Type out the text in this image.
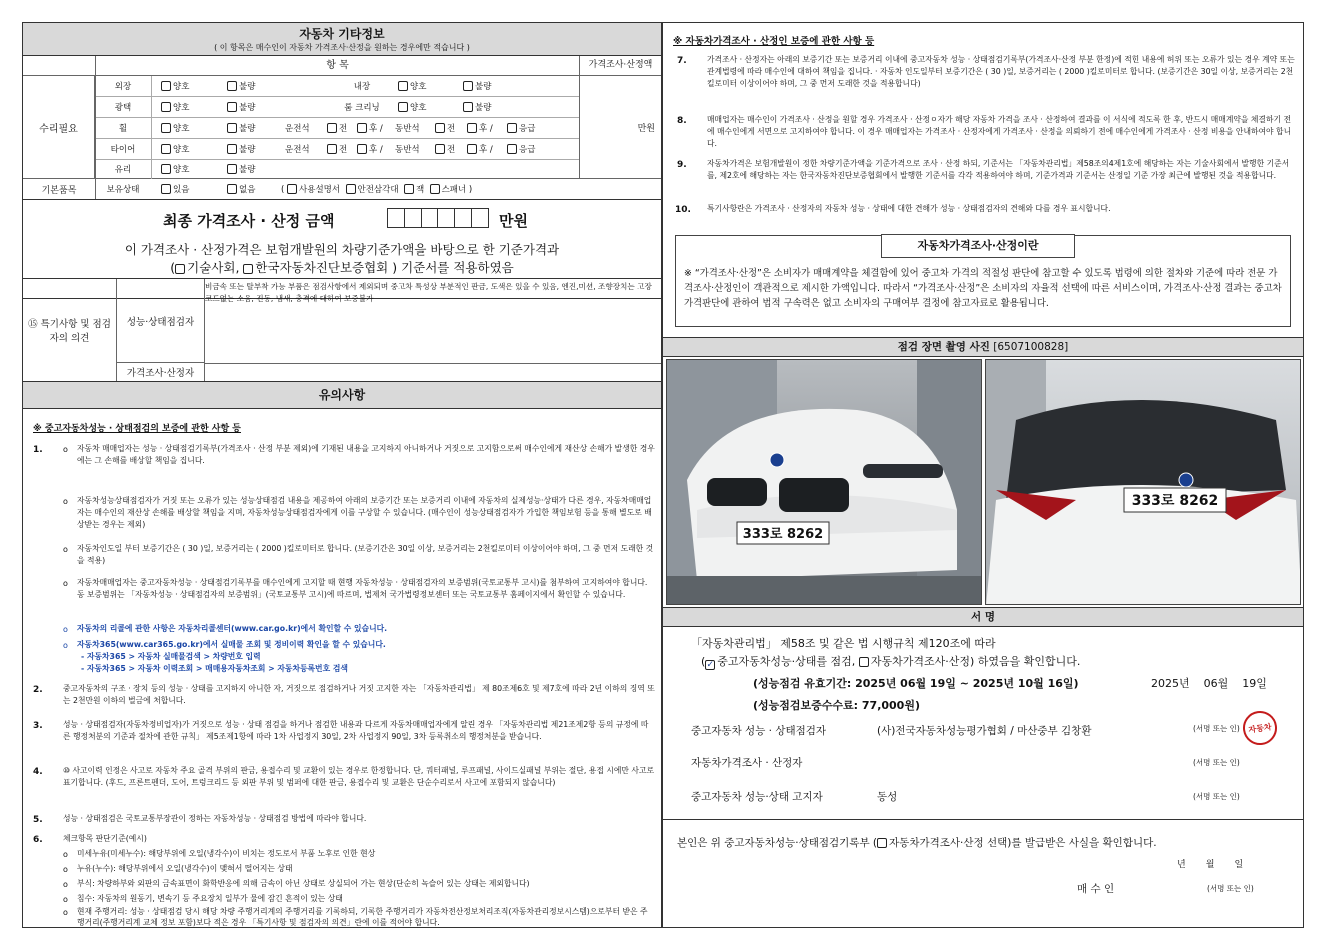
자동차 기타정보
( 이 항목은 매수인이 자동차 가격조사·산정을 원하는 경우에만 적습니다 )
항 목	가격조사·산정액
수리필요
외장	양호	불량	내장	양호	불량
광택	양호	불량	룸 크리닝	양호	불량
휠	양호	불량	운전석	전	후 / 동반석	전	후 /	응급
타이어	양호	불량	운전석	전	후 / 동반석	전	후 /	응급
유리	양호	불량
만원
기본품목	보유상태	있음	없음	( 사용설명서 안전삼각대 잭 스패너 )
최종 가격조사 · 산정 금액	만원
이 가격조사 · 산정가격은 보험개발원의 차량기준가액을 바탕으로 한 기준가격과
( 기술사회, 한국자동차진단보증협회 ) 기준서를 적용하였음
⑮ 특기사항 및 점검자의 의견
성능·상태점검자
비금속 또는 탈부착 가능 부품은 점검사항에서 제외되며 중고차 특성상 부분적인 판금, 도색은 있을 수 있음, 엔진,미션, 조향장치는 고장코드없는 소음, 진동, 냄새, 충격에 대하여 보증불가
가격조사·산정자
유의사항
※ 중고자동차성능 · 상태점검의 보증에 관한 사항 등
1.	o 자동차 매매업자는 성능 · 상태점검기록부(가격조사 · 산정 부분 제외)에 기재된 내용을 고지하지 아니하거나 거짓으로 고지함으로써 매수인에게 재산상 손해가 발생한 경우에는 그 손해를 배상할 책임을 집니다.
o 자동차성능상태점검자가 거짓 또는 오류가 있는 성능상태점검 내용을 제공하여 아래의 보증기간 또는 보증거리 이내에 자동차의 실제성능·상태가 다른 경우, 자동차매매업자는 매수인의 재산상 손해를 배상할 책임을 지며, 자동차성능상태점검자에게 이를 구상할 수 있습니다. (매수인이 성능상태점검자가 가입한 책임보험 등을 통해 별도로 배상받는 경우는 제외)
o 자동차인도일 부터 보증기간은 ( 30 )일, 보증거리는 ( 2000 )킬로미터로 합니다. (보증기간은 30일 이상, 보증거리는 2천킬로미터 이상이어야 하며, 그 중 먼저 도래한 것을 적용)
o 자동차매매업자는 중고자동차성능 · 상태점검기록부를 매수인에게 고지할 때 현행 자동차성능 · 상태점검자의 보증범위(국토교통부 고시)를 첨부하여 고지하여야 합니다. 동 보증범위는 「자동차성능 · 상태점검자의 보증범위」(국토교통부 고시)에 따르며, 법제처 국가법령정보센터 또는 국토교통부 홈페이지에서 확인할 수 있습니다.
o 자동차의 리콜에 관한 사항은 자동차리콜센터(www.car.go.kr)에서 확인할 수 있습니다.
o 자동차365(www.car365.go.kr)에서 실매물 조회 및 정비이력 확인을 할 수 있습니다.
- 자동차365 > 자동차 실매물검색 > 차량번호 입력
- 자동차365 > 자동차 이력조회 > 매매용자동차조회 > 자동차등록번호 검색
2.	중고자동차의 구조 · 장치 등의 성능 · 상태를 고지하지 아니한 자, 거짓으로 점검하거나 거짓 고지한 자는 「자동차관리법」 제 80조제6호 및 제7호에 따라 2년 이하의 징역 또는 2천만원 이하의 벌금에 처합니다.
3.	성능 · 상태점검자(자동차정비업자)가 거짓으로 성능 · 상태 점검을 하거나 점검한 내용과 다르게 자동차매매업자에게 알린 경우 「자동차관리법 제21조제2항 등의 규정에 따른 행정처분의 기준과 절차에 관한 규칙」 제5조제1항에 따라 1차 사업정지 30일, 2차 사업정지 90일, 3차 등록취소의 행정처분을 받습니다.
4.	⑩ 사고이력 인정은 사고로 자동차 주요 골격 부위의 판금, 용접수리 및 교환이 있는 경우로 한정합니다. 단, 쿼터패널, 루프패널, 사이드실패널 부위는 절단, 용접 시에만 사고로 표기합니다. (후드, 프론트펜더, 도어, 트렁크리드 등 외판 부위 및 범퍼에 대한 판금, 용접수리 및 교환은 단순수리로서 사고에 포함되지 않습니다)
5.	성능 · 상태점검은 국토교통부장관이 정하는 자동차성능 · 상태점검 방법에 따라야 합니다.
6.	체크항목 판단기준(예시)
o 미세누유(미세누수): 해당부위에 오일(냉각수)이 비치는 정도로서 부품 노후로 인한 현상
o 누유(누수): 해당부위에서 오일(냉각수)이 맺혀서 떨어지는 상태
o 부식: 차량하부와 외판의 금속표면이 화학반응에 의해 금속이 아닌 상태로 상실되어 가는 현상(단순히 녹슬어 있는 상태는 제외합니다)
o 침수: 자동차의 원동기, 변속기 등 주요장치 일부가 물에 잠긴 흔적이 있는 상태
o 현재 주행거리: 성능 · 상태점검 당시 해당 차량 주행거리계의 주행거리를 기록하되, 기록한 주행거리가 자동차전산정보처리조직(자동차관리정보시스템)으로부터 받은 주행거리(주행거리계 교체 정보 포함)보다 적은 경우 「특기사항 및 점검자의 의견」란에 이를 적어야 합니다.
※ 자동차가격조사 · 산정인 보증에 관한 사항 등
7.	가격조사 · 산정자는 아래의 보증기간 또는 보증거리 이내에 중고자동차 성능 · 상태점검기록부(가격조사·산정 부분 한정)에 적힌 내용에 허위 또는 오류가 있는 경우 계약 또는 관계법령에 따라 매수인에 대하여 책임을 집니다. · 자동차 인도일부터 보증기간은 ( 30 )일, 보증거리는 ( 2000 )킬로미터로 합니다. (보증기간은 30일 이상, 보증거리는 2천킬로미터 이상이어야 하며, 그 중 먼저 도래한 것을 적용합니다)
8.	매매업자는 매수인이 가격조사 · 산정을 원할 경우 가격조사 · 산정ㅇ자가 해당 자동차 가격을 조사 · 산정하여 결과를 이 서식에 적도록 한 후, 반드시 매매계약을 체결하기 전에 매수인에게 서면으로 고지하여야 합니다. 이 경우 매매업자는 가격조사 · 산정자에게 가격조사 · 산정을 의뢰하기 전에 매수인에게 가격조사 · 산정 비용을 안내하여야 합니다.
9.	자동차가격은 보험개발원이 정한 차량기준가액을 기준가격으로 조사 · 산정 하되, 기준서는 「자동차관리법」제58조의4제1호에 해당하는 자는 기술사회에서 발행한 기준서를, 제2호에 해당하는 자는 한국자동차진단보증협회에서 발행한 기준서를 각각 적용하여야 하며, 기준가격과 기준서는 산정일 기준 가장 최근에 발행된 것을 적용합니다.
10. 특기사항란은 가격조사 · 산정자의 자동차 성능 · 상태에 대한 견해가 성능 · 상태점검자의 견해와 다를 경우 표시합니다.
자동차가격조사·산정이란
※ “가격조사·산정”은 소비자가 매매계약을 체결함에 있어 중고차 가격의 적절성 판단에 참고할 수 있도록 법령에 의한 절차와 기준에 따라 전문 가격조사·산정인이 객관적으로 제시한 가액입니다. 따라서 “가격조사·산정”은 소비자의 자율적 선택에 따른 서비스이며, 가격조사·산정 결과는 중고차 가격판단에 관하여 법적 구속력은 없고 소비자의 구매여부 결정에 참고자료로 활용됩니다.
점검 장면 촬영 사진 [6507100828]
333로 8262
333로 8262
서 명
「자동차관리법」 제58조 및 같은 법 시행규칙 제120조에 따라
(✓ 중고자동차성능·상태를 점검, 자동차가격조사·산정) 하였음을 확인합니다.
(성능점검 유효기간: 2025년 06월 19일 ~ 2025년 10월 16일)	2025년    06월    19일
(성능점검보증수수료: 77,000원)
중고자동차 성능 · 상태점검자	(사)전국자동차성능평가협회 / 마산중부 김창환	(서명 또는 인) 자동차
자동차가격조사 · 산정자	(서명 또는 인)
중고자동차 성능·상태 고지자	동성	(서명 또는 인)
본인은 위 중고자동차성능·상태점검기록부 ( 자동차가격조사·산정 선택)를 발급받은 사실을 확인합니다.
년       월       일
매 수 인	(서명 또는 인)
